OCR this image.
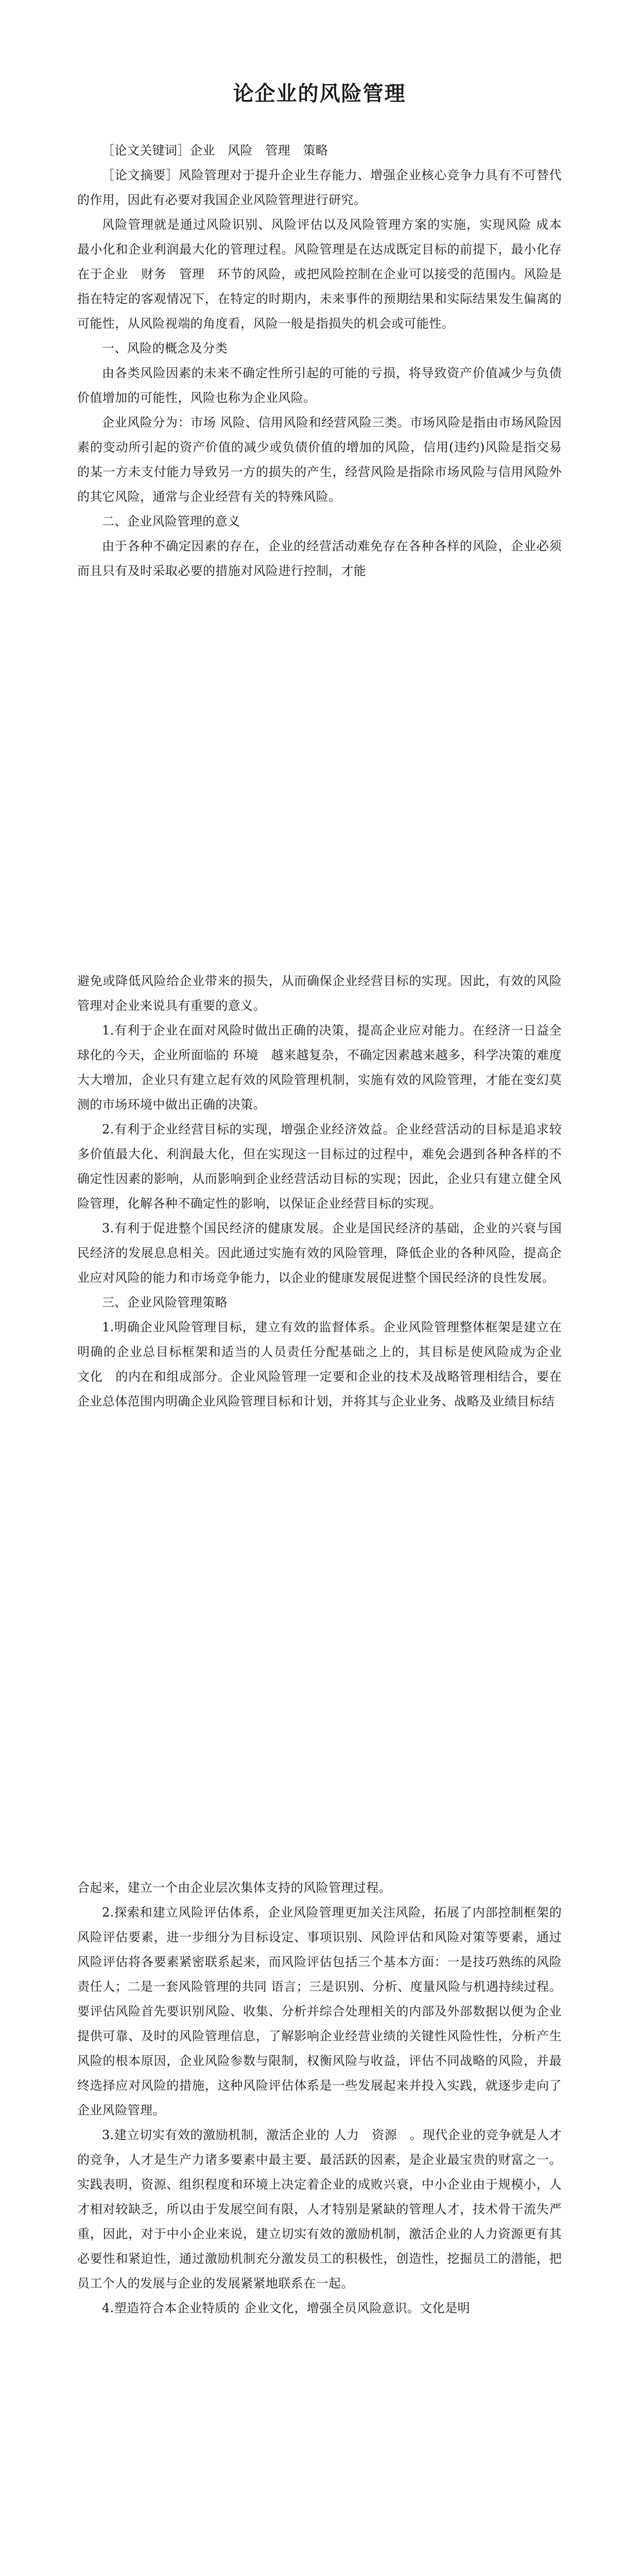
论企业的风险管理

［论文关键词］企业　风险　管理　策略

［论文摘要］风险管理对于提升企业生存能力、增强企业核心竞争力具有不可替代的作用，因此有必要对我国企业风险管理进行研究。

风险管理就是通过风险识别、风险评估以及风险管理方案的实施，实现风险 成本　最小化和企业利润最大化的管理过程。风险管理是在达成既定目标的前提下，最小化存在于企业　财务　管理　环节的风险，或把风险控制在企业可以接受的范围内。风险是指在特定的客观情况下，在特定的时期内，未来事件的预期结果和实际结果发生偏离的可能性，从风险视端的角度看，风险一般是指损失的机会或可能性。

一、风险的概念及分类

由各类风险因素的未来不确定性所引起的可能的亏损，将导致资产价值减少与负债价值增加的可能性，风险也称为企业风险。

企业风险分为：市场 风险、信用风险和经营风险三类。市场风险是指由市场风险因素的变动所引起的资产价值的减少或负债价值的增加的风险，信用(违约)风险是指交易的某一方未支付能力导致另一方的损失的产生，经营风险是指除市场风险与信用风险外的其它风险，通常与企业经营有关的特殊风险。

二、企业风险管理的意义

由于各种不确定因素的存在，企业的经营活动难免存在各种各样的风险，企业必须而且只有及时采取必要的措施对风险进行控制，才能

避免或降低风险给企业带来的损失，从而确保企业经营目标的实现。因此，有效的风险管理对企业来说具有重要的意义。

1.有利于企业在面对风险时做出正确的决策，提高企业应对能力。在经济一日益全球化的今天，企业所面临的 环境　越来越复杂，不确定因素越来越多，科学决策的难度大大增加，企业只有建立起有效的风险管理机制，实施有效的风险管理，才能在变幻莫测的市场环境中做出正确的决策。

2.有利于企业经营目标的实现，增强企业经济效益。企业经营活动的目标是追求较多价值最大化、利润最大化，但在实现这一目标过的过程中，难免会遇到各种各样的不确定性因素的影响，从而影响到企业经营活动目标的实现；因此，企业只有建立健全风险管理，化解各种不确定性的影响，以保证企业经营目标的实现。

3.有利于促进整个国民经济的健康发展。企业是国民经济的基础，企业的兴衰与国民经济的发展息息相关。因此通过实施有效的风险管理，降低企业的各种风险，提高企业应对风险的能力和市场竞争能力，以企业的健康发展促进整个国民经济的良性发展。

三、企业风险管理策略

1.明确企业风险管理目标，建立有效的监督体系。企业风险管理整体框架是建立在明确的企业总目标框架和适当的人员责任分配基础之上的，其目标是使风险成为企业　文化　的内在和组成部分。企业风险管理一定要和企业的技术及战略管理相结合，要在企业总体范围内明确企业风险管理目标和计划，并将其与企业业务、战略及业绩目标结

合起来，建立一个由企业层次集体支持的风险管理过程。

2.探索和建立风险评估体系，企业风险管理更加关注风险，拓展了内部控制框架的风险评估要素，进一步细分为目标设定、事项识别、风险评估和风险对策等要素，通过风险评估将各要素紧密联系起来，而风险评估包括三个基本方面：一是技巧熟练的风险责任人；二是一套风险管理的共同 语言；三是识别、分析、度量风险与机遇持续过程。要评估风险首先要识别风险、收集、分析并综合处理相关的内部及外部数据以便为企业提供可靠、及时的风险管理信息，了解影响企业经营业绩的关键性风险性性，分析产生风险的根本原因，企业风险参数与限制，权衡风险与收益，评估不同战略的风险，并最终选择应对风险的措施，这种风险评估体系是一些发展起来并投入实践，就逐步走向了企业风险管理。

3.建立切实有效的激励机制，激活企业的 人力　资源　。现代企业的竞争就是人才的竞争，人才是生产力诸多要素中最主要、最活跃的因素，是企业最宝贵的财富之一。实践表明，资源、组织程度和环境上决定着企业的成败兴衰，中小企业由于规模小，人才相对较缺乏，所以由于发展空间有限，人才特别是紧缺的管理人才，技术骨干流失严重，因此，对于中小企业来说，建立切实有效的激励机制，激活企业的人力资源更有其必要性和紧迫性，通过激励机制充分激发员工的积极性，创造性，挖掘员工的潜能，把员工个人的发展与企业的发展紧紧地联系在一起。

4.塑造符合本企业特质的 企业文化，增强全员风险意识。文化是明
